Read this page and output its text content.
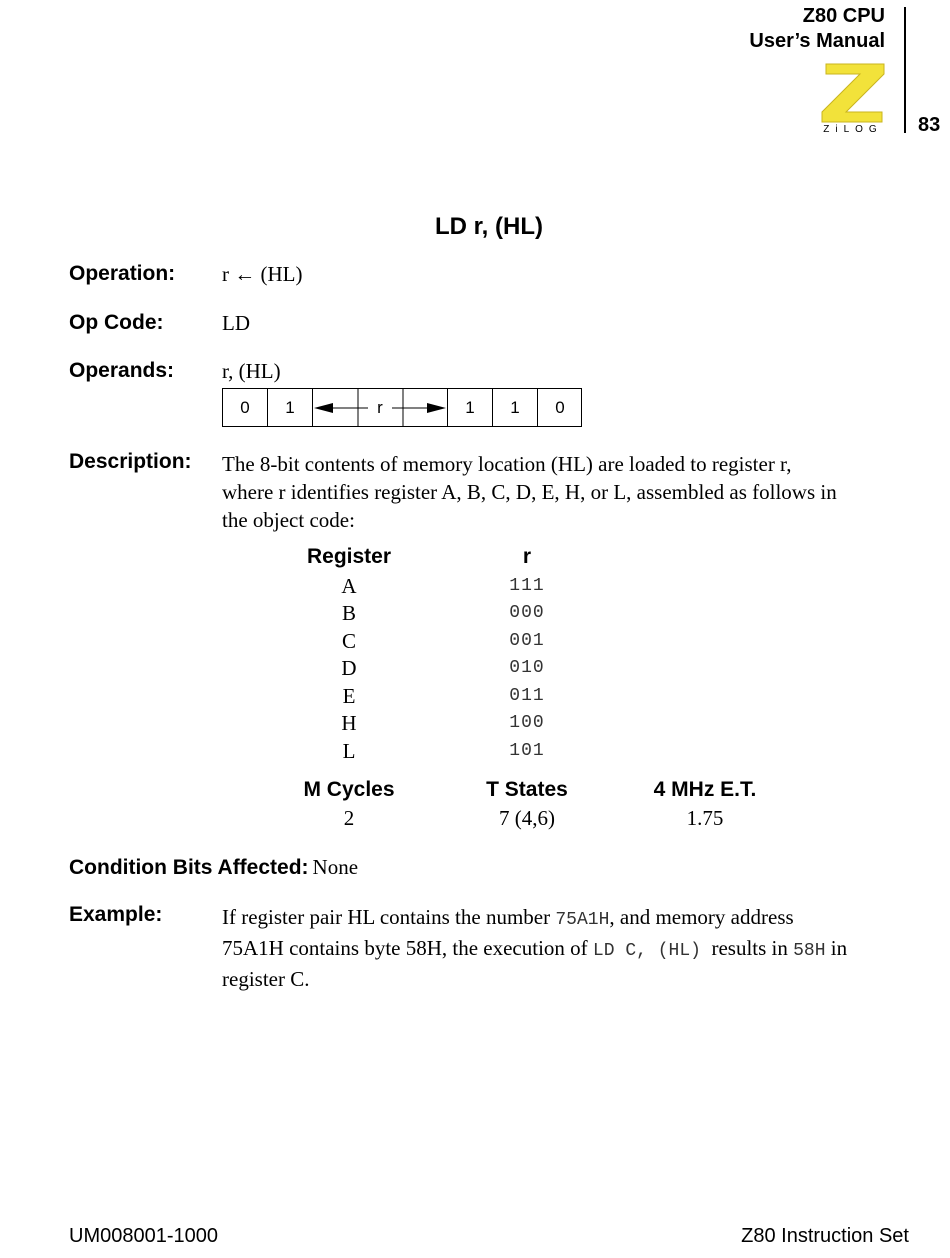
Z80 CPU
User’s Manual
83
ZiLOG
LD r, (HL)
Operation: r ← (HL)
Op Code:	LD
Operands: r, (HL)
0	1	r	1	1	0
Description: The 8-bit contents of memory location (HL) are loaded to register r,

where r identifies register A, B, C, D, E, H, or L, assembled as follows in

the object code:

Register	r
A	111
B	000
C	001
D	010
E	011
H	100
L	101
M Cycles	T States	4 MHz E.T.
2	7 (4,6)	1.75
Condition Bits Affected: None
Example:	If register pair HL contains the number 75A1H, and memory address

75A1H contains byte 58H, the execution of LD C, (HL)  results in 58H in

register C.

UM008001-1000	Z80 Instruction Set
